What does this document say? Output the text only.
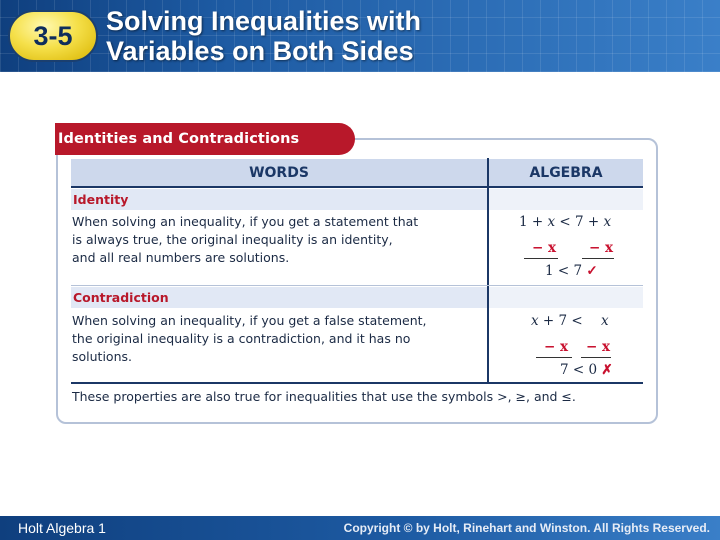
3-5 Solving Inequalities with
Variables on Both Sides
Identities and Contradictions
WORDS	ALGEBRA
Identity
When solving an inequality, if you get a statement that
is always true, the original inequality is an identity,
and all real numbers are solutions.
1 + x < 7 + x
− x − x
1 < 7 ✓
Contradiction
When solving an inequality, if you get a false statement,
the original inequality is a contradiction, and it has no
solutions.
x + 7 < x
− x − x
7 < 0 ✗
These properties are also true for inequalities that use the symbols >, ≥, and ≤.
Holt Algebra 1	Copyright © by Holt, Rinehart and Winston. All Rights Reserved.
